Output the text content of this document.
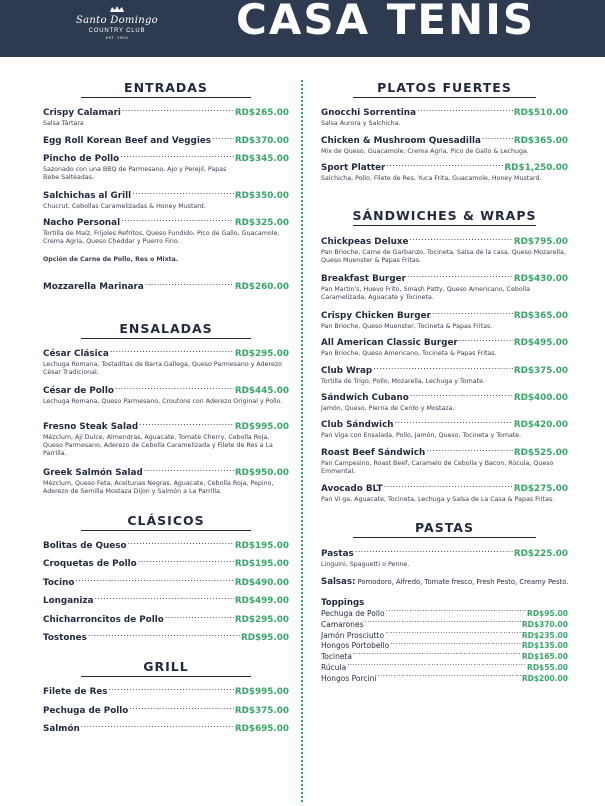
Santo Domingo
COUNTRY CLUB
EST. 1920	CASA TENIS
ENTRADAS
Crispy Calamari .....	RD$265.00
Salsa Tártara
Egg Roll Korean Beef and Veggies .....	RD$370.00
Pincho de Pollo .....	RD$345.00
Sazonado con una BBQ de Parmesano, Ajo y Perejil, Papas Bebe Salteadas.
Salchichas al Grill .....	RD$350.00
Chucrut, Cebollas Caramelizadas & Honey Mustard.
Nacho Personal .....	RD$325.00
Tortilla de Maíz, Frijoles Refritos, Queso Fundido, Pico de Gallo, Guacamole, Crema Agria, Queso Cheddar y Puerro Fino.
Opción de Carne de Pollo, Res o Mixta.
Mozzarella Marinara .....	RD$260.00
ENSALADAS
César Clásica .....	RD$295.00
Lechuga Romana, Tostaditas de Barra Gallega, Queso Parmesano y Aderezo César Tradicional.
César de Pollo .....	RD$445.00
Lechuga Romana, Queso Parmesano, Croutons con Aderezo Original y Pollo.
Fresno Steak Salad .....	RD$995.00
Mézclum, Ají Dulce, Almendras, Aguacate, Tomate Cherry, Cebolla Roja, Queso Parmesano, Aderezo de Cebolla Caramelizada y Filete de Res a La Parrilla.
Greek Salmón Salad .....	RD$950.00
Mézclum, Queso Feta, Aceitunas Negras, Aguacate, Cebolla Roja, Pepino, Aderezo de Semilla Mostaza Dijon y Salmón a La Parrilla.
CLÁSICOS
Bolitas de Queso .....	RD$195.00
Croquetas de Pollo .....	RD$195.00
Tocino .....	RD$490.00
Longaniza .....	RD$499.00
Chicharroncitos de Pollo .....	RD$295.00
Tostones .....	RD$95.00
GRILL
Filete de Res .....	RD$995.00
Pechuga de Pollo .....	RD$375.00
Salmón .....	RD$695.00
PLATOS FUERTES
Gnocchi Sorrentina .....	RD$510.00
Salsa Aurora y Salchicha.
Chicken & Mushroom Quesadilla .....	RD$365.00
Mix de Queso, Guacamole, Crema Agria, Pico de Gallo & Lechuga.
Sport Platter .....	RD$1,250.00
Salchicha, Pollo, Filete de Res, Yuca Frita, Guacamole, Honey Mustard.
SÁNDWICHES & WRAPS
Chickpeas Deluxe .....	RD$795.00
Pan Brioche, Carne de Garbanzo, Tocineta, Salsa de la casa, Queso Mozarella, Queso Muenster & Papas Fritas.
Breakfast Burger .....	RD$430.00
Pan Martin's, Huevo Frito, Smash Patty, Queso Americano, Cebolla Caramelizada, Aguacate y Tocineta.
Crispy Chicken Burger .....	RD$365.00
Pan Brioche, Queso Muenster, Tocineta & Papas Fritas.
All American Classic Burger .....	RD$495.00
Pan Brioche, Queso Americano, Tocineta & Papas Fritas.
Club Wrap .....	RD$375.00
Tortilla de Trigo, Pollo, Mozarella, Lechuga y Tomate.
Sándwich Cubano .....	RD$400.00
Jamón, Queso, Pierna de Cerdo y Mostaza.
Club Sándwich .....	RD$420.00
Pan Viga con Ensalada, Pollo, Jamón, Queso, Tocineta y Tomate.
Roast Beef Sándwich .....	RD$525.00
Pan Campesino, Roast Beef, Caramelo de Cebolla y Bacon, Rúcula, Queso Emmental.
Avocado BLT .....	RD$275.00
Pan Vi ga, Aguacate, Tocineta, Lechuga y Salsa de La Casa & Papas Fritas.
PASTAS
Pastas .....	RD$225.00
Linguini, Spaguetti o Penne.
Salsas: Pomodoro, Alfredo, Tomate fresco, Fresh Pesto, Creamy Pesto.
Toppings
Pechuga de Pollo .....	RD$95.00
Camarones .....	RD$370.00
Jamón Prosciutto .....	RD$235.00
Hongos Portobello .....	RD$135.00
Tocineta .....	RD$165.00
Rúcula .....	RD$55.00
Hongos Porcini .....	RD$200.00
